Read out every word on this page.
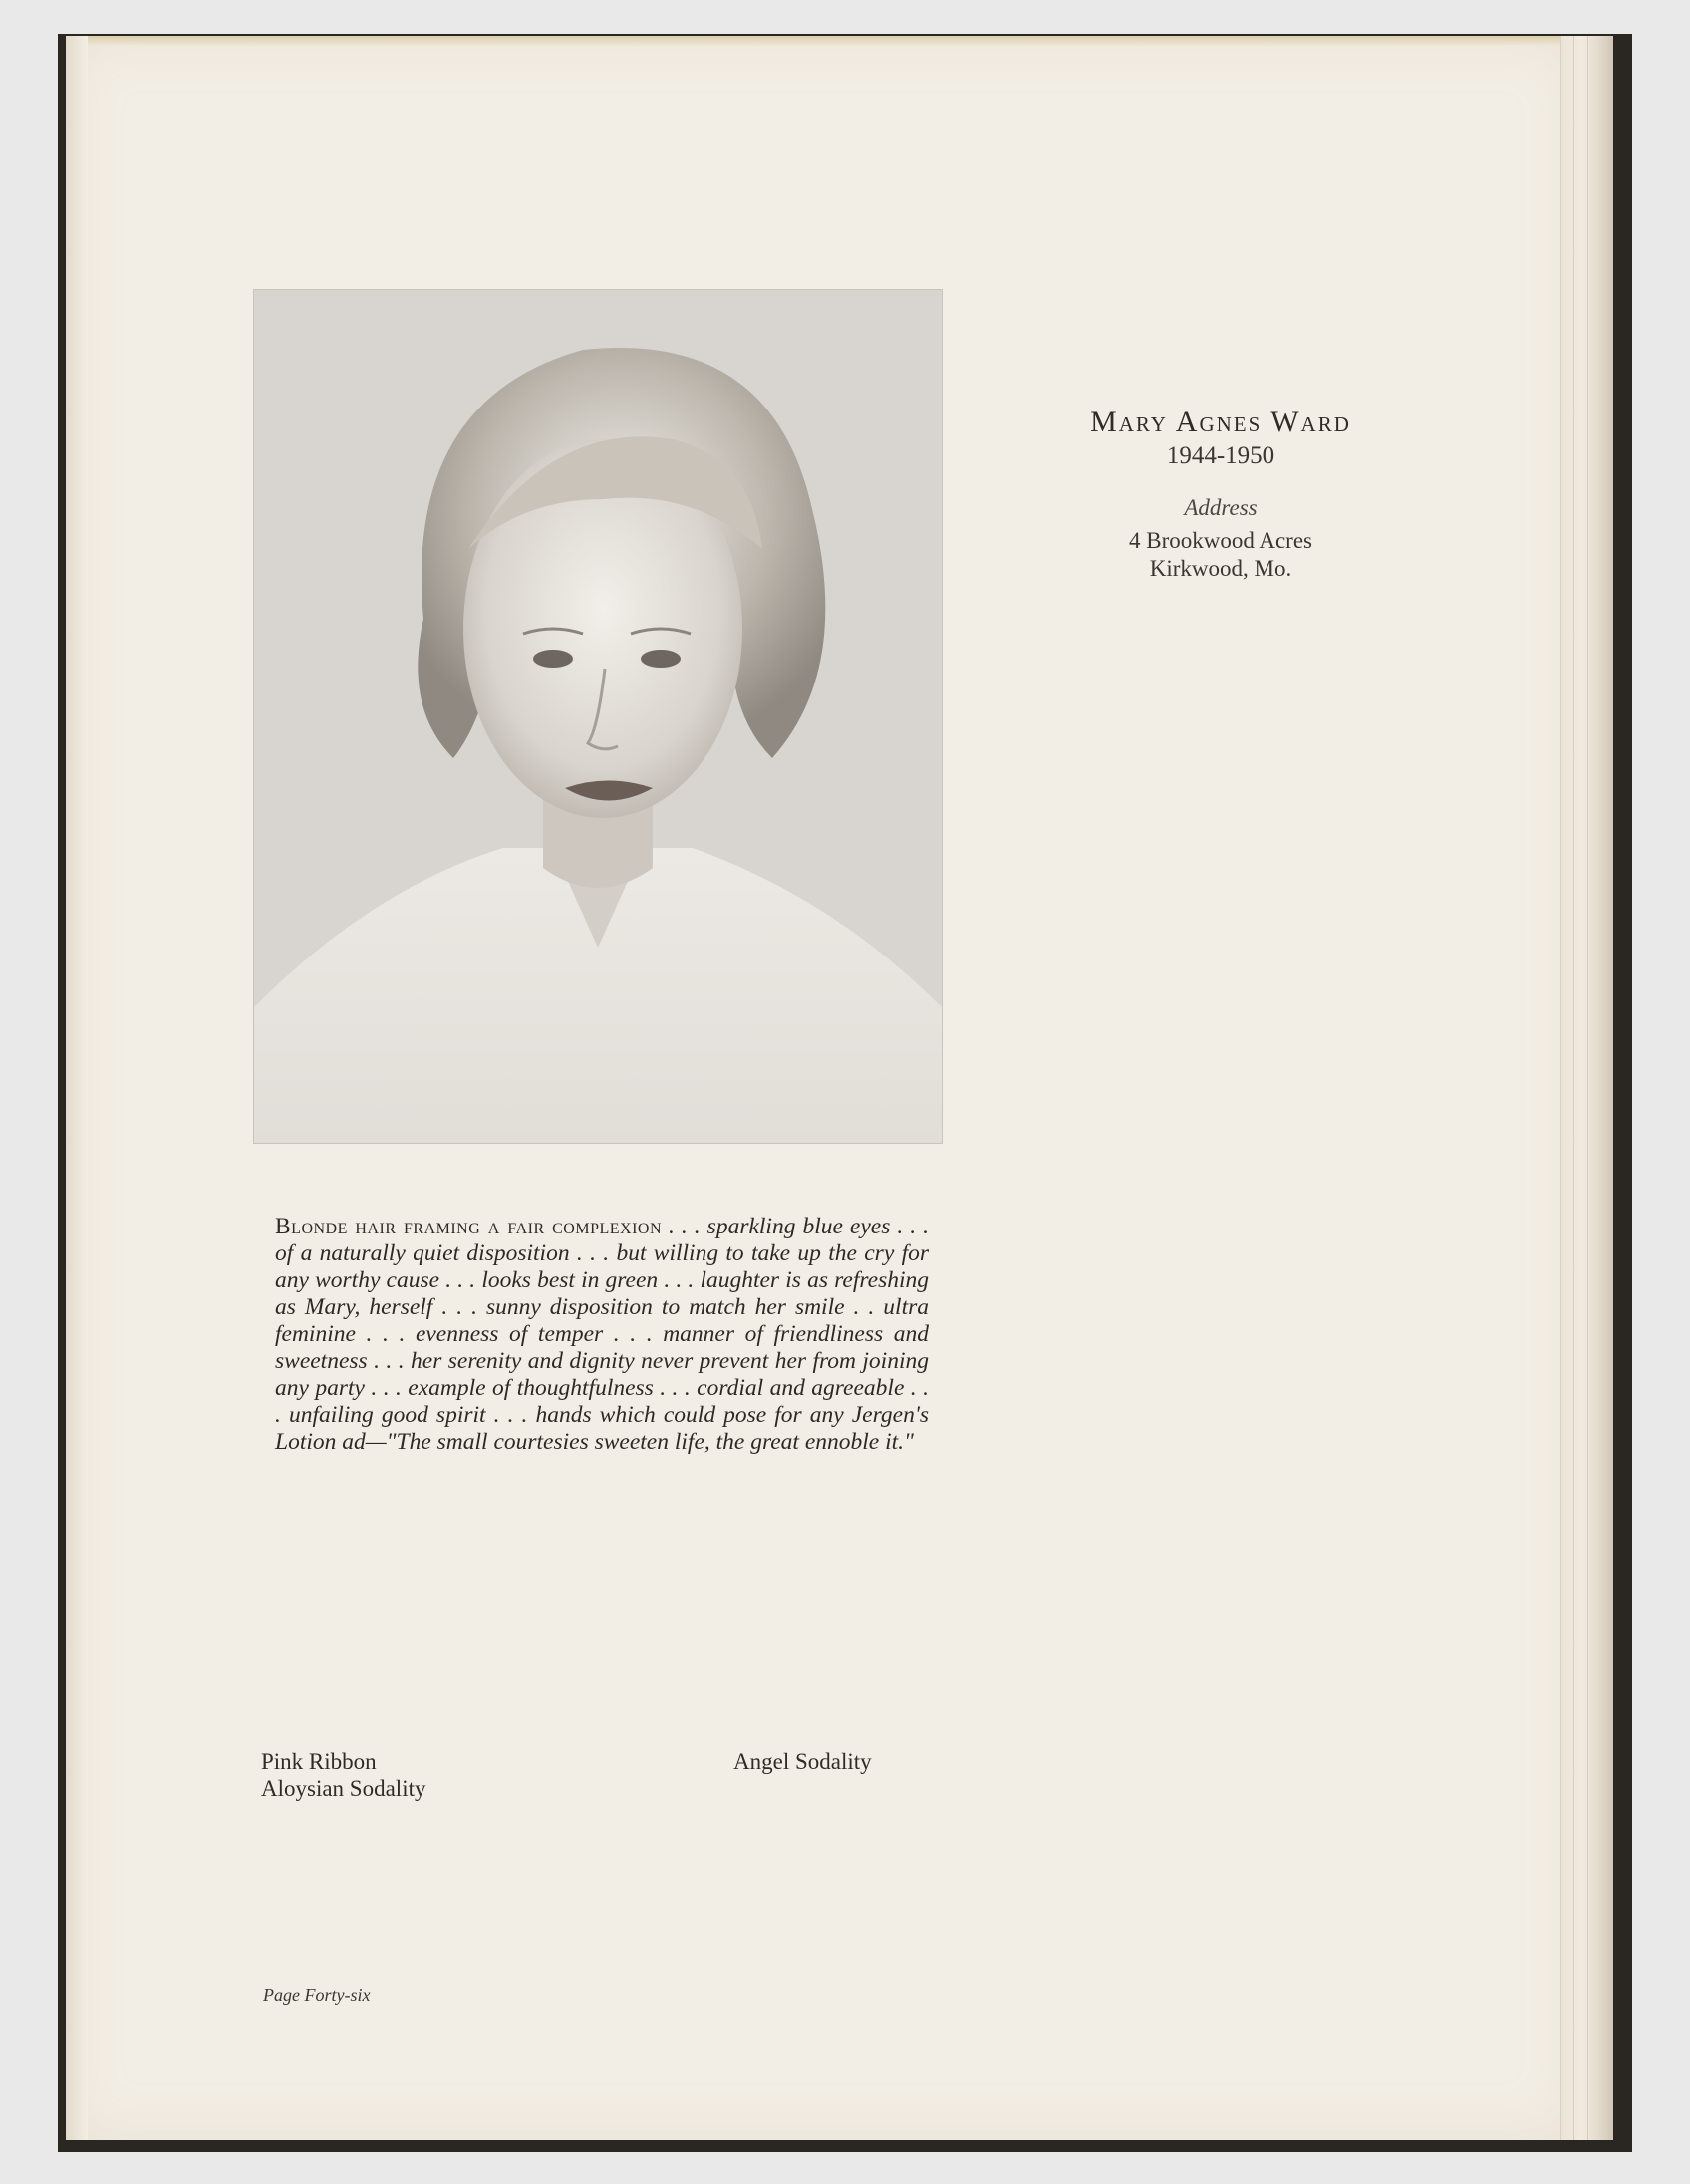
Mary Agnes Ward
1944-1950
Address
4 Brookwood Acres
Kirkwood, Mo.
Blonde hair framing a fair complexion . . . sparkling blue eyes . . . of a naturally quiet disposition . . . but willing to take up the cry for any worthy cause . . . looks best in green . . . laughter is as refreshing as Mary, herself . . . sunny disposition to match her smile . . ultra feminine . . . evenness of temper . . . manner of friendliness and sweetness . . . her serenity and dignity never prevent her from joining any party . . . example of thoughtfulness . . . cordial and agreeable . . . unfailing good spirit . . . hands which could pose for any Jergen's Lotion ad—"The small courtesies sweeten life, the great ennoble it."
Pink Ribbon
Aloysian Sodality
Angel Sodality
Page Forty-six
